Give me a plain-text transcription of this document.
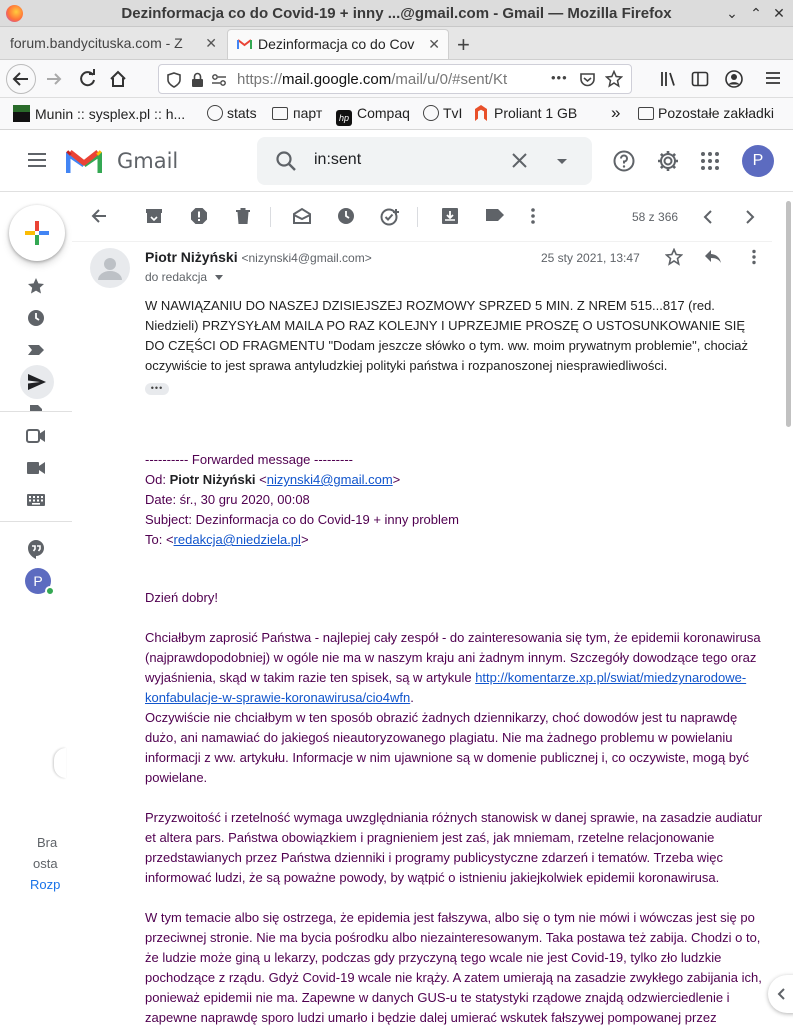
Dezinformacja co do Covid-19 + inny ...@gmail.com - Gmail — Mozilla Firefox	⌄ ⌃ ✕
forum.bandycituska.com - Z ✕	Dezinformacja co do Cov ✕ +
https://mail.google.com/mail/u/0/#sent/Kt	•••
Munin :: sysplex.pl :: h...	stats	парт	hp Compaq	TvI	Proliant 1 GB »	Pozostałe zakładki
Gmail	in:sent	P
P
Bra
osta
Rozp
58 z 366
Piotr Niżyński <nizynski4@gmail.com>
do redakcja
25 sty 2021, 13:47

W NAWIĄZANIU DO NASZEJ DZISIEJSZEJ ROZMOWY SPRZED 5 MIN. Z NREM 515...817 (red. Niedzieli) PRZYSYŁAM MAILA PO RAZ KOLEJNY I UPRZEJMIE PROSZĘ O USTOSUNKOWANIE SIĘ DO CZĘŚCI OD FRAGMENTU "Dodam jeszcze słówko o tym. ww. moim prywatnym problemie", chociaż oczywiście to jest sprawa antyludzkiej polityki państwa i rozpanoszonej niesprawiedliwości.

•••
---------- Forwarded message ---------
Od: Piotr Niżyński <nizynski4@gmail.com>
Date: śr., 30 gru 2020, 00:08
Subject: Dezinformacja co do Covid-19 + inny problem
To: <redakcja@niedziela.pl>

Dzień dobry!

Chciałbym zaprosić Państwa - najlepiej cały zespół - do zainteresowania się tym, że epidemii koronawirusa (najprawdopodobniej) w ogóle nie ma w naszym kraju ani żadnym innym. Szczegóły dowodzące tego oraz wyjaśnienia, skąd w takim razie ten spisek, są w artykule http://komentarze.xp.pl/swiat/miedzynarodowe-konfabulacje-w-sprawie-koronawirusa/cio4wfn.

Oczywiście nie chciałbym w ten sposób obrazić żadnych dziennikarzy, choć dowodów jest tu naprawdę dużo, ani namawiać do jakiegoś nieautoryzowanego plagiatu. Nie ma żadnego problemu w powielaniu informacji z ww. artykułu. Informacje w nim ujawnione są w domenie publicznej i, co oczywiste, mogą być powielane.

Przyzwoitość i rzetelność wymaga uwzględniania różnych stanowisk w danej sprawie, na zasadzie audiatur et altera pars. Państwa obowiązkiem i pragnieniem jest zaś, jak mniemam, rzetelne relacjonowanie przedstawianych przez Państwa dzienniki i programy publicystyczne zdarzeń i tematów. Trzeba więc informować ludzi, że są poważne powody, by wątpić o istnieniu jakiejkolwiek epidemii koronawirusa.

W tym temacie albo się ostrzega, że epidemia jest fałszywa, albo się o tym nie mówi i wówczas jest się po przeciwnej stronie. Nie ma bycia pośrodku albo niezainteresowanym. Taka postawa też zabija. Chodzi o to, że ludzie może giną u lekarzy, podczas gdy przyczyną tego wcale nie jest Covid-19, tylko zło ludzkie pochodzące z rządu. Gdyż Covid-19 wcale nie krąży. A zatem umierają na zasadzie zwykłego zabijania ich, ponieważ epidemii nie ma. Zapewne w danych GUS-u te statystyki rządowe znajdą odzwierciedlenie i zapewne naprawdę sporo ludzi umarło i będzie dalej umierać wskutek fałszywej pompowanej przez
